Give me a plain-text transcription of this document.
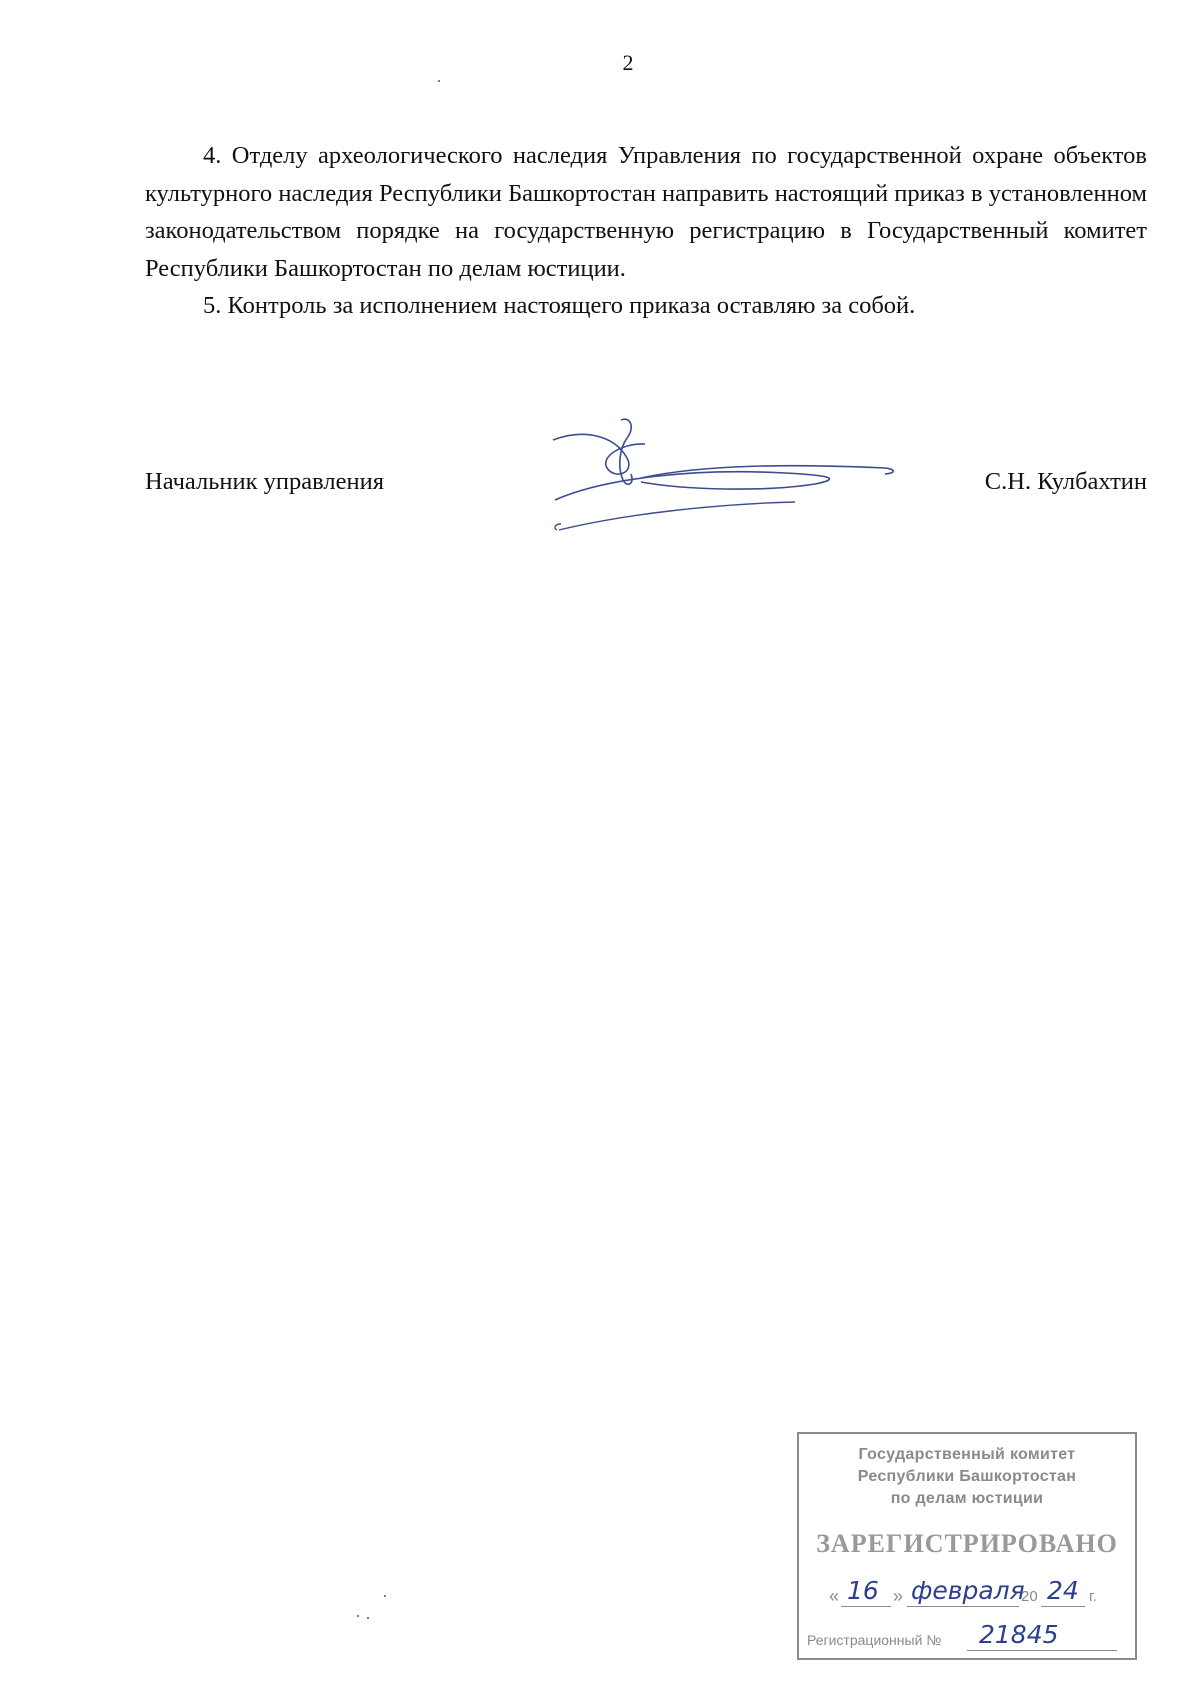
2

4. Отделу археологического наследия Управления по государственной охране объектов культурного наследия Республики Башкортостан направить настоящий приказ в установленном законодательством порядке на государственную регистрацию в Государственный комитет Республики Башкортостан по делам юстиции.

5. Контроль за исполнением настоящего приказа оставляю за собой.

Начальник управления	С.Н. Кулбахтин
Государственный комитет
Республики Башкортостан
по делам юстиции
ЗАРЕГИСТРИРОВАНО
« 16 » февраля
20 24 г.
Регистрационный № 21845
